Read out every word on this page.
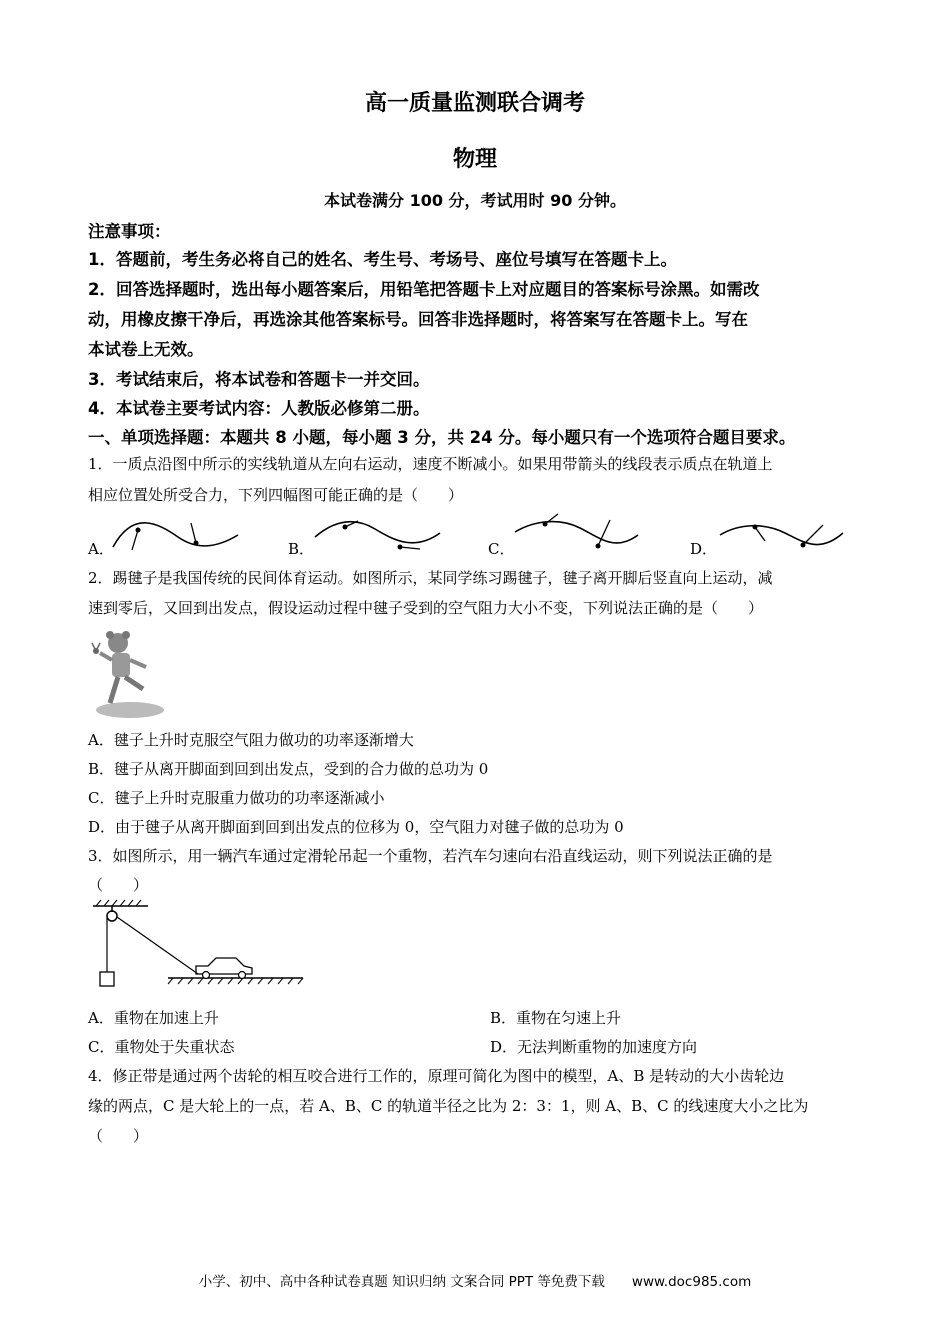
高一质量监测联合调考
物理
本试卷满分 100 分，考试用时 90 分钟。
注意事项：
1．答题前，考生务必将自己的姓名、考生号、考场号、座位号填写在答题卡上。
2．回答选择题时，选出每小题答案后，用铅笔把答题卡上对应题目的答案标号涂黑。如需改
动，用橡皮擦干净后，再选涂其他答案标号。回答非选择题时，将答案写在答题卡上。写在
本试卷上无效。
3．考试结束后，将本试卷和答题卡一并交回。
4．本试卷主要考试内容：人教版必修第二册。
一、单项选择题：本题共 8 小题，每小题 3 分，共 24 分。每小题只有一个选项符合题目要求。
1．一质点沿图中所示的实线轨道从左向右运动，速度不断减小。如果用带箭头的线段表示质点在轨道上
相应位置处所受合力，下列四幅图可能正确的是（　　）
A．	B．	C．	D．
2．踢毽子是我国传统的民间体育运动。如图所示，某同学练习踢毽子，毽子离开脚后竖直向上运动，减
速到零后，又回到出发点，假设运动过程中毽子受到的空气阻力大小不变，下列说法正确的是（　　）
A．毽子上升时克服空气阻力做功的功率逐渐增大
B．毽子从离开脚面到回到出发点，受到的合力做的总功为 0
C．毽子上升时克服重力做功的功率逐渐减小
D．由于毽子从离开脚面到回到出发点的位移为 0，空气阻力对毽子做的总功为 0
3．如图所示，用一辆汽车通过定滑轮吊起一个重物，若汽车匀速向右沿直线运动，则下列说法正确的是
（　　）
A．重物在加速上升	B．重物在匀速上升
C．重物处于失重状态	D．无法判断重物的加速度方向
4．修正带是通过两个齿轮的相互咬合进行工作的，原理可简化为图中的模型，A、B 是转动的大小齿轮边
缘的两点，C 是大轮上的一点，若 A、B、C 的轨道半径之比为 2：3：1，则 A、B、C 的线速度大小之比为
（　　）
小学、初中、高中各种试卷真题 知识归纳 文案合同 PPT 等免费下载　　www.doc985.com
